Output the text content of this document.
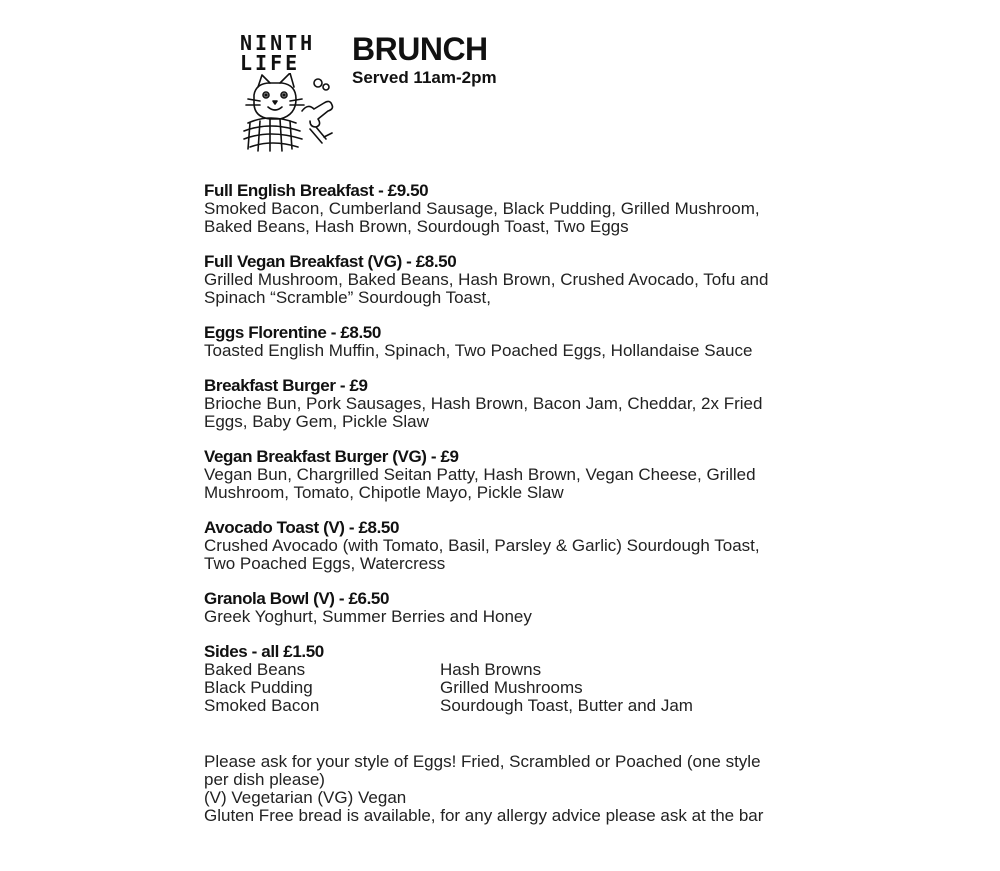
NINTH
LIFE	BRUNCH
Served 11am-2pm
Full English Breakfast - £9.50
Smoked Bacon, Cumberland Sausage, Black Pudding, Grilled Mushroom,
Baked Beans, Hash Brown, Sourdough Toast, Two Eggs
Full Vegan Breakfast (VG) - £8.50
Grilled Mushroom, Baked Beans, Hash Brown, Crushed Avocado, Tofu and
Spinach “Scramble” Sourdough Toast,
Eggs Florentine - £8.50
Toasted English Muffin, Spinach, Two Poached Eggs, Hollandaise Sauce
Breakfast Burger - £9
Brioche Bun, Pork Sausages, Hash Brown, Bacon Jam, Cheddar, 2x Fried
Eggs, Baby Gem, Pickle Slaw
Vegan Breakfast Burger (VG) - £9
Vegan Bun, Chargrilled Seitan Patty, Hash Brown, Vegan Cheese, Grilled
Mushroom, Tomato, Chipotle Mayo, Pickle Slaw
Avocado Toast (V) - £8.50
Crushed Avocado (with Tomato, Basil, Parsley & Garlic) Sourdough Toast,
Two Poached Eggs, Watercress
Granola Bowl (V) - £6.50
Greek Yoghurt, Summer Berries and Honey
Sides - all £1.50
Baked Beans	Hash Browns
Black Pudding	Grilled Mushrooms
Smoked Bacon	Sourdough Toast, Butter and Jam
Please ask for your style of Eggs! Fried, Scrambled or Poached (one style
per dish please)
(V) Vegetarian (VG) Vegan
Gluten Free bread is available, for any allergy advice please ask at the bar
